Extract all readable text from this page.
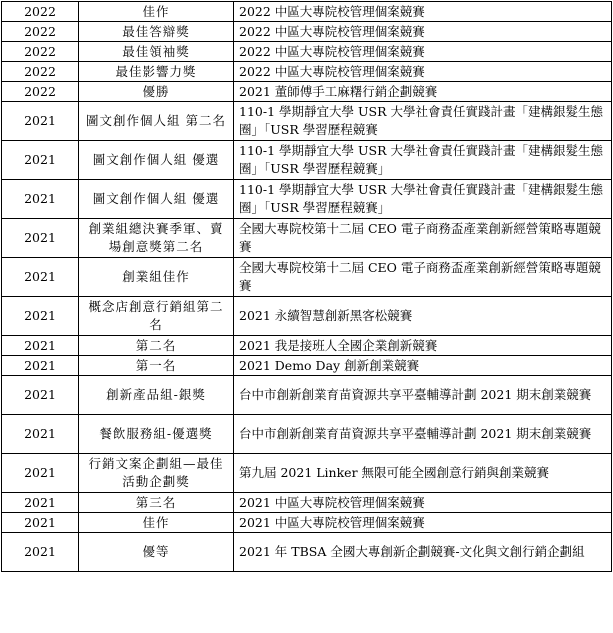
2022	佳作	2022 中區大專院校管理個案競賽
2022	最佳答辯獎	2022 中區大專院校管理個案競賽
2022	最佳領袖獎	2022 中區大專院校管理個案競賽
2022	最佳影響力獎	2022 中區大專院校管理個案競賽
2022	優勝	2021 董師傅手工麻糬行銷企劃競賽
2021	圖文創作個人組 第二名	110-1 學期靜宜大學 USR 大學社會責任實踐計畫「建構銀髮生態圈」「USR 學習歷程競賽
2021	圖文創作個人組 優選	110-1 學期靜宜大學 USR 大學社會責任實踐計畫「建構銀髮生態圈」「USR 學習歷程競賽」
2021	圖文創作個人組 優選	110-1 學期靜宜大學 USR 大學社會責任實踐計畫「建構銀髮生態圈」「USR 學習歷程競賽」
2021	創業組總決賽季軍、賣場創意獎第二名	全國大專院校第十二屆 CEO 電子商務盃產業創新經營策略專題競賽
2021	創業組佳作	全國大專院校第十二屆 CEO 電子商務盃產業創新經營策略專題競賽
2021	概念店創意行銷組第二名	2021 永續智慧創新黑客松競賽
2021	第二名	2021 我是接班人全國企業創新競賽
2021	第一名	2021 Demo Day 創新創業競賽
2021	創新產品組-銀獎	台中市創新創業育苗資源共享平臺輔導計劃 2021 期末創業競賽
2021	餐飲服務組-優選獎	台中市創新創業育苗資源共享平臺輔導計劃 2021 期末創業競賽
2021	行銷文案企劃組—最佳活動企劃獎	第九屆 2021 Linker 無限可能全國創意行銷與創業競賽
2021	第三名	2021 中區大專院校管理個案競賽
2021	佳作	2021 中區大專院校管理個案競賽
2021	優等	2021 年 TBSA 全國大專創新企劃競賽-文化與文創行銷企劃組
